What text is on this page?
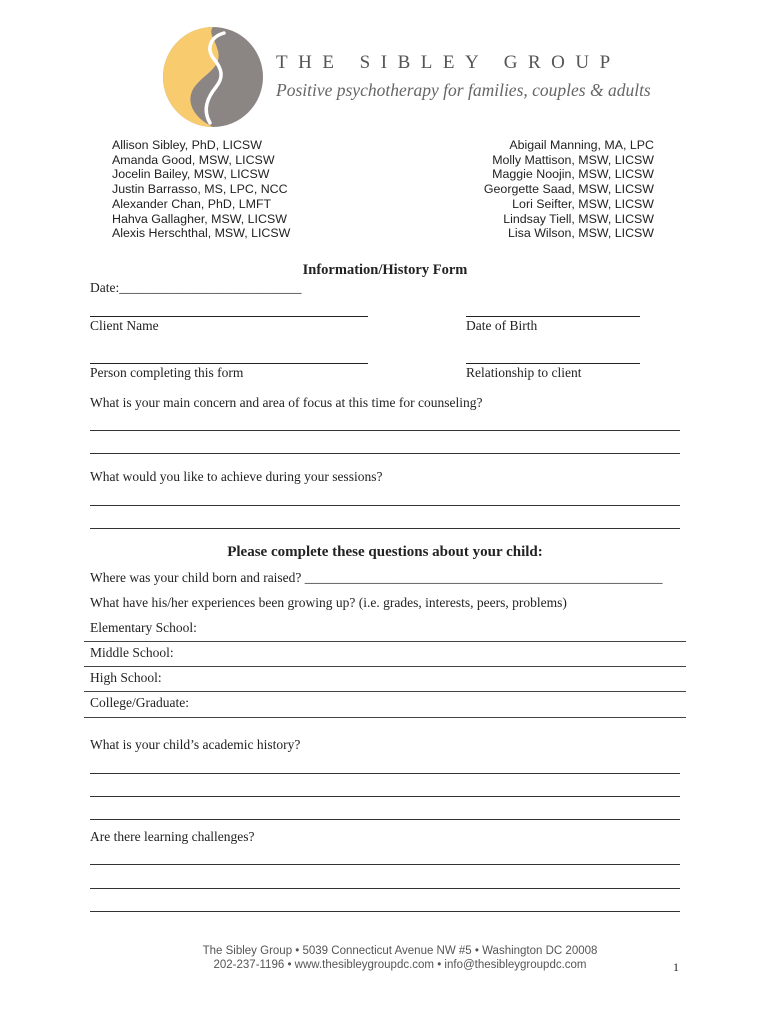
THE SIBLEY GROUP
Positive psychotherapy for families, couples & adults
Allison Sibley, PhD, LICSW
Amanda Good, MSW, LICSW
Jocelin Bailey, MSW, LICSW
Justin Barrasso, MS, LPC, NCC
Alexander Chan, PhD, LMFT
Hahva Gallagher, MSW, LICSW
Alexis Herschthal, MSW, LICSW
Abigail Manning, MA, LPC
Molly Mattison, MSW, LICSW
Maggie Noojin, MSW, LICSW
Georgette Saad, MSW, LICSW
Lori Seifter, MSW, LICSW
Lindsay Tiell, MSW, LICSW
Lisa Wilson, MSW, LICSW
Information/History Form
Date:___________________________
Client Name	Date of Birth
Person completing this form	Relationship to client
What is your main concern and area of focus at this time for counseling?
What would you like to achieve during your sessions?
Please complete these questions about your child:
Where was your child born and raised? _____________________________________________________
What have his/her experiences been growing up? (i.e. grades, interests, peers, problems)
Elementary School:
Middle School:
High School:
College/Graduate:
What is your child’s academic history?
Are there learning challenges?
The Sibley Group • 5039 Connecticut Avenue NW #5 • Washington DC 20008
202-237-1196 • www.thesibleygroupdc.com • info@thesibleygroupdc.com	1
